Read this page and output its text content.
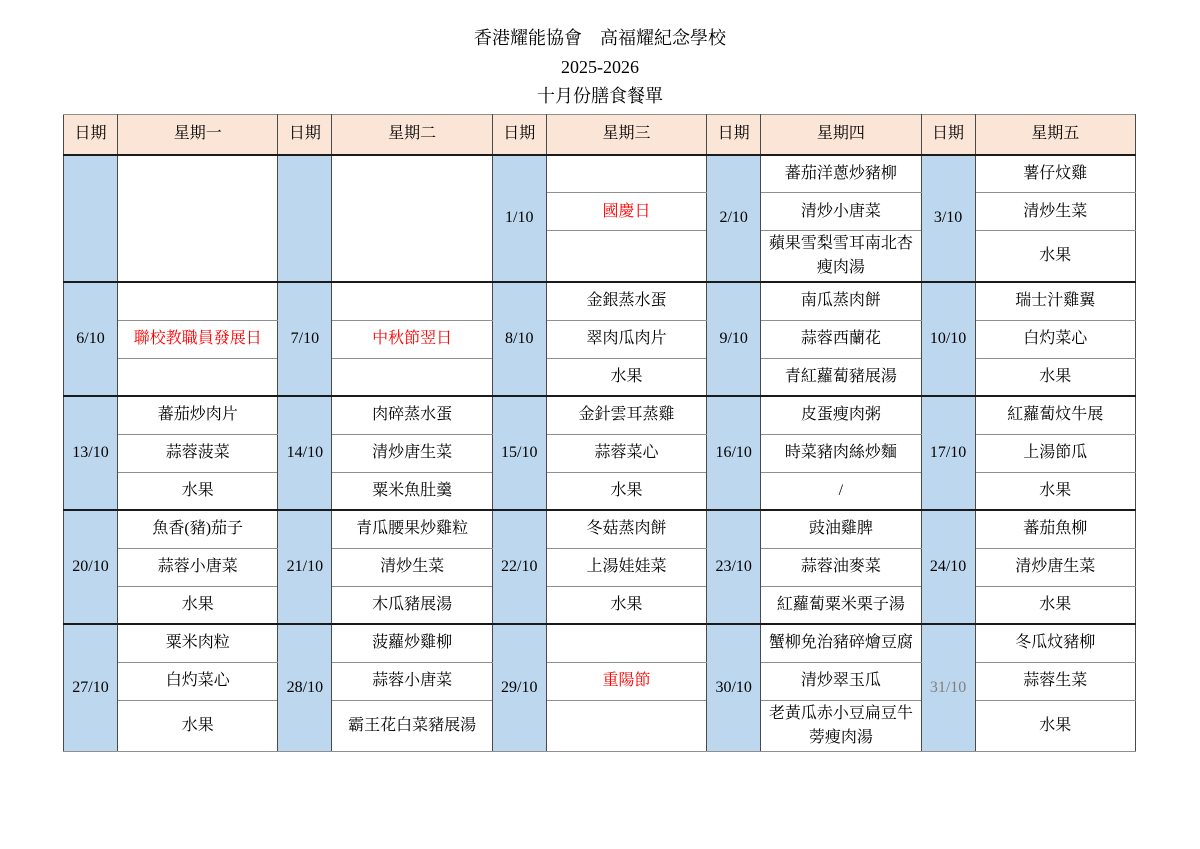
香港耀能協會　高福耀紀念學校
2025-2026
十月份膳食餐單
日期	星期一	日期	星期二	日期	星期三	日期	星期四	日期	星期五
				1/10		2/10	蕃茄洋蔥炒豬柳	3/10	薯仔炆雞
					國慶日		清炒小唐菜		清炒生菜
							蘋果雪梨雪耳南北杏瘦肉湯		水果
6/10		7/10		8/10	金銀蒸水蛋	9/10	南瓜蒸肉餅	10/10	瑞士汁雞翼
	聯校教職員發展日		中秋節翌日		翠肉瓜肉片		蒜蓉西蘭花		白灼菜心
					水果		青紅蘿蔔豬展湯		水果
13/10	蕃茄炒肉片	14/10	肉碎蒸水蛋	15/10	金針雲耳蒸雞	16/10	皮蛋瘦肉粥	17/10	紅蘿蔔炆牛展
	蒜蓉菠菜		清炒唐生菜		蒜蓉菜心		時菜豬肉絲炒麵		上湯節瓜
	水果		粟米魚肚羹		水果		/		水果
20/10	魚香(豬)茄子	21/10	青瓜腰果炒雞粒	22/10	冬菇蒸肉餅	23/10	豉油雞脾	24/10	蕃茄魚柳
	蒜蓉小唐菜		清炒生菜		上湯娃娃菜		蒜蓉油麥菜		清炒唐生菜
	水果		木瓜豬展湯		水果		紅蘿蔔粟米栗子湯		水果
27/10	粟米肉粒	28/10	菠蘿炒雞柳	29/10		30/10	蟹柳免治豬碎燴豆腐	31/10	冬瓜炆豬柳
	白灼菜心		蒜蓉小唐菜		重陽節		清炒翠玉瓜		蒜蓉生菜
	水果		霸王花白菜豬展湯				老黃瓜赤小豆扁豆牛蒡瘦肉湯		水果
